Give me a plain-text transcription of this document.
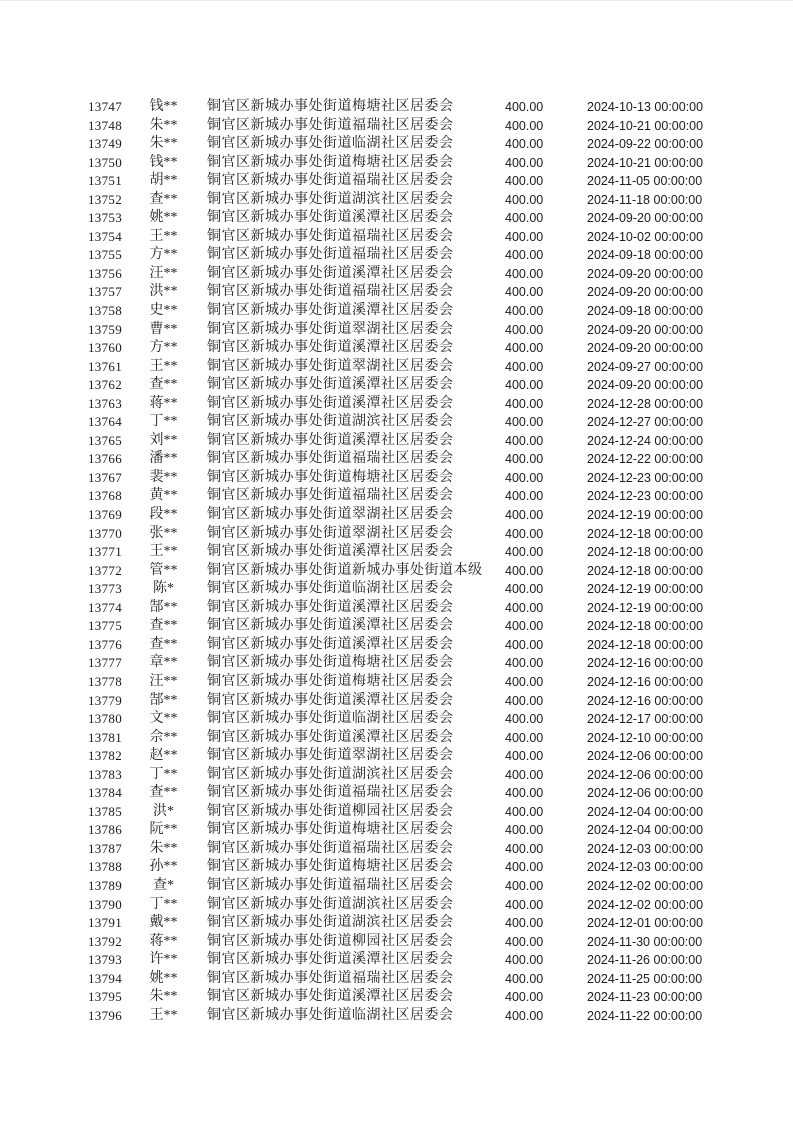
13747	钱**	铜官区新城办事处街道梅塘社区居委会	400.00	2024-10-13 00:00:00
13748	朱**	铜官区新城办事处街道福瑞社区居委会	400.00	2024-10-21 00:00:00
13749	朱**	铜官区新城办事处街道临湖社区居委会	400.00	2024-09-22 00:00:00
13750	钱**	铜官区新城办事处街道梅塘社区居委会	400.00	2024-10-21 00:00:00
13751	胡**	铜官区新城办事处街道福瑞社区居委会	400.00	2024-11-05 00:00:00
13752	查**	铜官区新城办事处街道湖滨社区居委会	400.00	2024-11-18 00:00:00
13753	姚**	铜官区新城办事处街道溪潭社区居委会	400.00	2024-09-20 00:00:00
13754	王**	铜官区新城办事处街道福瑞社区居委会	400.00	2024-10-02 00:00:00
13755	方**	铜官区新城办事处街道福瑞社区居委会	400.00	2024-09-18 00:00:00
13756	汪**	铜官区新城办事处街道溪潭社区居委会	400.00	2024-09-20 00:00:00
13757	洪**	铜官区新城办事处街道福瑞社区居委会	400.00	2024-09-20 00:00:00
13758	史**	铜官区新城办事处街道溪潭社区居委会	400.00	2024-09-18 00:00:00
13759	曹**	铜官区新城办事处街道翠湖社区居委会	400.00	2024-09-20 00:00:00
13760	方**	铜官区新城办事处街道溪潭社区居委会	400.00	2024-09-20 00:00:00
13761	王**	铜官区新城办事处街道翠湖社区居委会	400.00	2024-09-27 00:00:00
13762	查**	铜官区新城办事处街道溪潭社区居委会	400.00	2024-09-20 00:00:00
13763	蒋**	铜官区新城办事处街道溪潭社区居委会	400.00	2024-12-28 00:00:00
13764	丁**	铜官区新城办事处街道湖滨社区居委会	400.00	2024-12-27 00:00:00
13765	刘**	铜官区新城办事处街道溪潭社区居委会	400.00	2024-12-24 00:00:00
13766	潘**	铜官区新城办事处街道福瑞社区居委会	400.00	2024-12-22 00:00:00
13767	裴**	铜官区新城办事处街道梅塘社区居委会	400.00	2024-12-23 00:00:00
13768	黄**	铜官区新城办事处街道福瑞社区居委会	400.00	2024-12-23 00:00:00
13769	段**	铜官区新城办事处街道翠湖社区居委会	400.00	2024-12-19 00:00:00
13770	张**	铜官区新城办事处街道翠湖社区居委会	400.00	2024-12-18 00:00:00
13771	王**	铜官区新城办事处街道溪潭社区居委会	400.00	2024-12-18 00:00:00
13772	管**	铜官区新城办事处街道新城办事处街道本级	400.00	2024-12-18 00:00:00
13773	陈*	铜官区新城办事处街道临湖社区居委会	400.00	2024-12-19 00:00:00
13774	郜**	铜官区新城办事处街道溪潭社区居委会	400.00	2024-12-19 00:00:00
13775	查**	铜官区新城办事处街道溪潭社区居委会	400.00	2024-12-18 00:00:00
13776	查**	铜官区新城办事处街道溪潭社区居委会	400.00	2024-12-18 00:00:00
13777	章**	铜官区新城办事处街道梅塘社区居委会	400.00	2024-12-16 00:00:00
13778	汪**	铜官区新城办事处街道梅塘社区居委会	400.00	2024-12-16 00:00:00
13779	郜**	铜官区新城办事处街道溪潭社区居委会	400.00	2024-12-16 00:00:00
13780	文**	铜官区新城办事处街道临湖社区居委会	400.00	2024-12-17 00:00:00
13781	佘**	铜官区新城办事处街道溪潭社区居委会	400.00	2024-12-10 00:00:00
13782	赵**	铜官区新城办事处街道翠湖社区居委会	400.00	2024-12-06 00:00:00
13783	丁**	铜官区新城办事处街道湖滨社区居委会	400.00	2024-12-06 00:00:00
13784	查**	铜官区新城办事处街道福瑞社区居委会	400.00	2024-12-06 00:00:00
13785	洪*	铜官区新城办事处街道柳园社区居委会	400.00	2024-12-04 00:00:00
13786	阮**	铜官区新城办事处街道梅塘社区居委会	400.00	2024-12-04 00:00:00
13787	朱**	铜官区新城办事处街道福瑞社区居委会	400.00	2024-12-03 00:00:00
13788	孙**	铜官区新城办事处街道梅塘社区居委会	400.00	2024-12-03 00:00:00
13789	查*	铜官区新城办事处街道福瑞社区居委会	400.00	2024-12-02 00:00:00
13790	丁**	铜官区新城办事处街道湖滨社区居委会	400.00	2024-12-02 00:00:00
13791	戴**	铜官区新城办事处街道湖滨社区居委会	400.00	2024-12-01 00:00:00
13792	蒋**	铜官区新城办事处街道柳园社区居委会	400.00	2024-11-30 00:00:00
13793	许**	铜官区新城办事处街道溪潭社区居委会	400.00	2024-11-26 00:00:00
13794	姚**	铜官区新城办事处街道福瑞社区居委会	400.00	2024-11-25 00:00:00
13795	朱**	铜官区新城办事处街道溪潭社区居委会	400.00	2024-11-23 00:00:00
13796	王**	铜官区新城办事处街道临湖社区居委会	400.00	2024-11-22 00:00:00
